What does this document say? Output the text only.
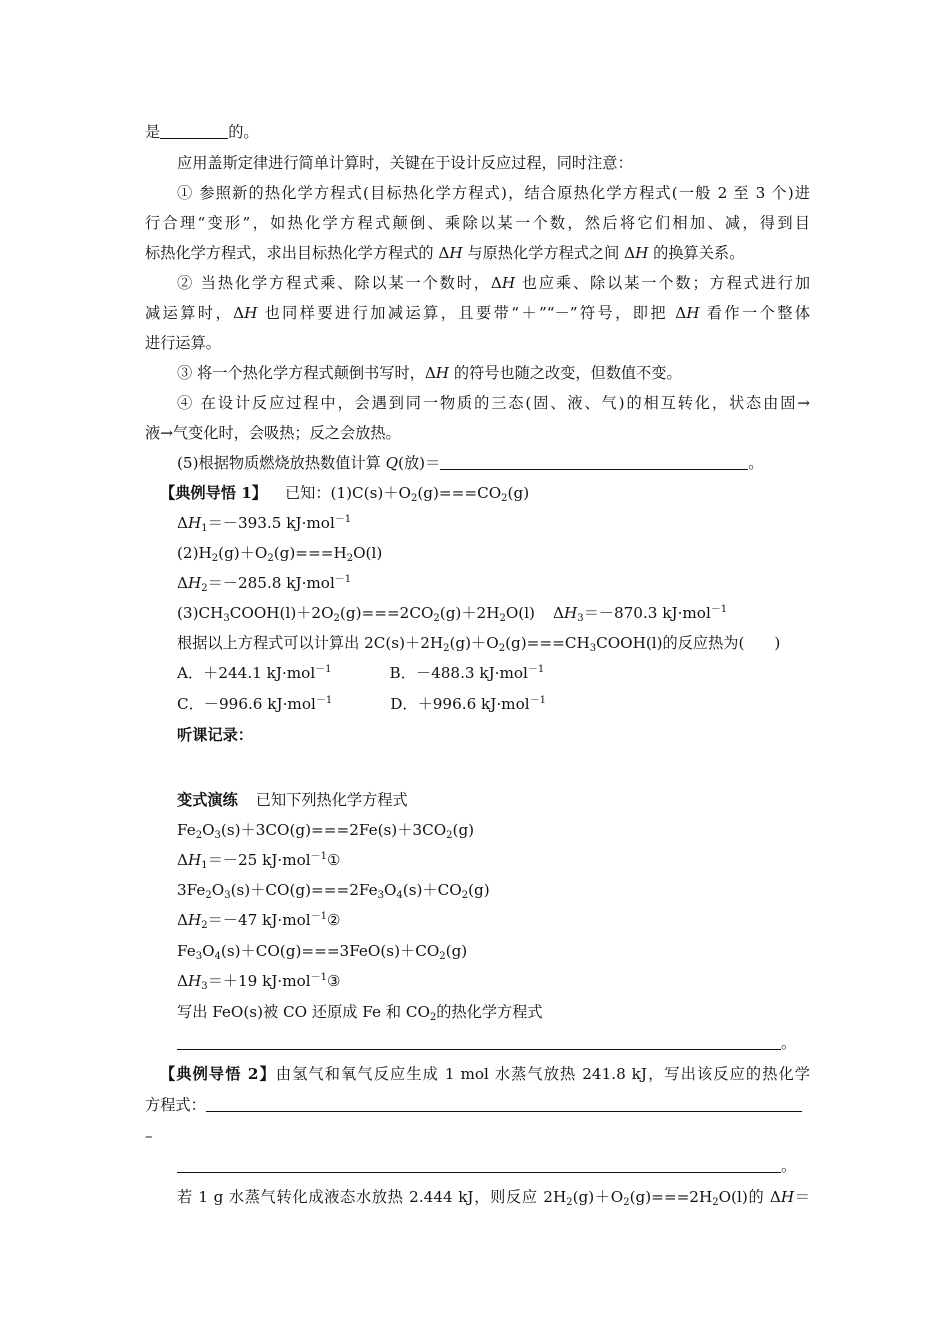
是	的。
应用盖斯定律进行简单计算时，关键在于设计反应过程，同时注意：
① 参照新的热化学方程式(目标热化学方程式)，结合原热化学方程式(一般 2 至 3 个)进
行合理“变形”，如热化学方程式颠倒、乘除以某一个数，然后将它们相加、减，得到目
标热化学方程式，求出目标热化学方程式的 ΔH 与原热化学方程式之间 ΔH 的换算关系。
② 当热化学方程式乘、除以某一个数时，ΔH 也应乘、除以某一个数；方程式进行加
减运算时，ΔH 也同样要进行加减运算，且要带“＋”“－”符号，即把 ΔH 看作一个整体
进行运算。
③ 将一个热化学方程式颠倒书写时，ΔH 的符号也随之改变，但数值不变。
④ 在设计反应过程中，会遇到同一物质的三态(固、液、气)的相互转化，状态由固→
液→气变化时，会吸热；反之会放热。
(5)根据物质燃烧放热数值计算 Q(放)＝	。
【典例导悟 1】 已知：$(1)C(s)+O_2(g)===CO_2(g)$
$\Delta H_1=-393.5$ kJ·mol$^{-1}$
$(2)H_2(g)+O_2(g)===H_2O(l)$
$\Delta H_2=-285.8$ kJ·mol$^{-1}$
$(3)CH_3COOH(l)+2O_2(g)===2CO_2(g)+2H_2O(l)$ $\Delta H_3=-870.3$ kJ·mol$^{-1}$
根据以上方程式可以计算出 $2C(s)+2H_2(g)+O_2(g)===CH_3COOH(l)$的反应热为( )
A．＋244.1 kJ·mol$^{-1}$	B．－488.3 kJ·mol$^{-1}$
C．－996.6 kJ·mol$^{-1}$	D．＋996.6 kJ·mol$^{-1}$
听课记录：
变式演练 已知下列热化学方程式
$Fe_2O_3(s)+3CO(g)===2Fe(s)+3CO_2(g)$
$\Delta H_1=-25$ kJ·mol$^{-1}$①
$3Fe_2O_3(s)+CO(g)===2Fe_3O_4(s)+CO_2(g)$
$\Delta H_2=-47$ kJ·mol$^{-1}$②
$Fe_3O_4(s)+CO(g)===3FeO(s)+CO_2(g)$
$\Delta H_3=+19$ kJ·mol$^{-1}$③
写出 FeO(s)被 CO 还原成 Fe 和 $CO_2$的热化学方程式
。
【典例导悟 2】由氢气和氧气反应生成 1 mol 水蒸气放热 241.8 kJ，写出该反应的热化学
方程式：
–
。
若 1 g 水蒸气转化成液态水放热 2.444 kJ，则反应 $2H_2(g)+O_2(g)===2H_2O(l)$的 ΔH＝
